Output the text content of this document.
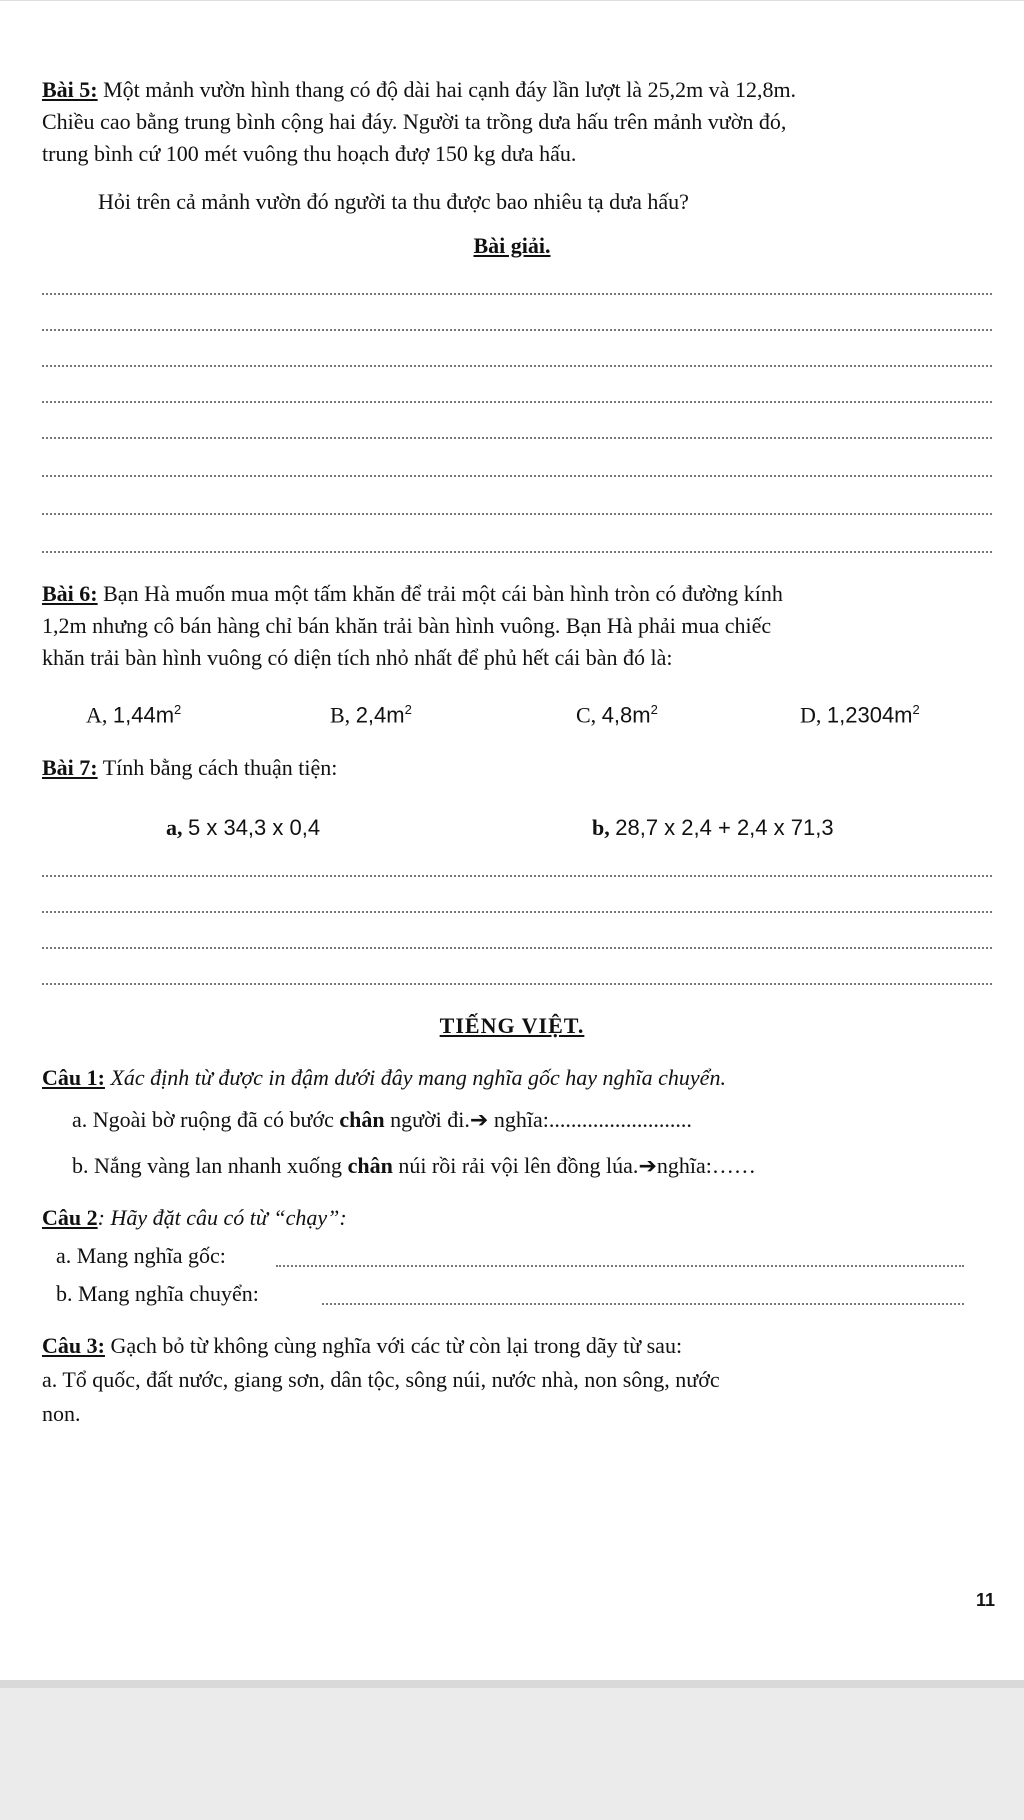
Bài 5: Một mảnh vườn hình thang có độ dài hai cạnh đáy lần lượt là 25,2m và 12,8m.
Chiều cao bằng trung bình cộng hai đáy. Người ta trồng dưa hấu trên mảnh vườn đó,
trung bình cứ 100 mét vuông thu hoạch đượ 150 kg dưa hấu.
Hỏi trên cả mảnh vườn đó người ta thu được bao nhiêu tạ dưa hấu?
Bài giải.
Bài 6: Bạn Hà muốn mua một tấm khăn để trải một cái bàn hình tròn có đường kính
1,2m nhưng cô bán hàng chỉ bán khăn trải bàn hình vuông. Bạn Hà phải mua chiếc
khăn trải bàn hình vuông có diện tích nhỏ nhất để phủ hết cái bàn đó là:
A, $1,44m^2$	B, $2,4m^2$	C, $4,8m^2$	D, $1,2304m^2$
Bài 7: Tính bằng cách thuận tiện:
a, 5 x 34,3 x 0,4	b, 28,7 x 2,4 + 2,4 x 71,3
TIẾNG VIỆT.
Câu 1: Xác định từ được in đậm dưới đây mang nghĩa gốc hay nghĩa chuyển.
a. Ngoài bờ ruộng đã có bước chân người đi.➔ nghĩa:..........................
b. Nắng vàng lan nhanh xuống chân núi rồi rải vội lên đồng lúa.➔nghĩa:……
Câu 2: Hãy đặt câu có từ “chạy”:
a. Mang nghĩa gốc:
b. Mang nghĩa chuyển:
Câu 3: Gạch bỏ từ không cùng nghĩa với các từ còn lại trong dãy từ sau:
a. Tổ quốc, đất nước, giang sơn, dân tộc, sông núi, nước nhà, non sông, nước
non.
11
